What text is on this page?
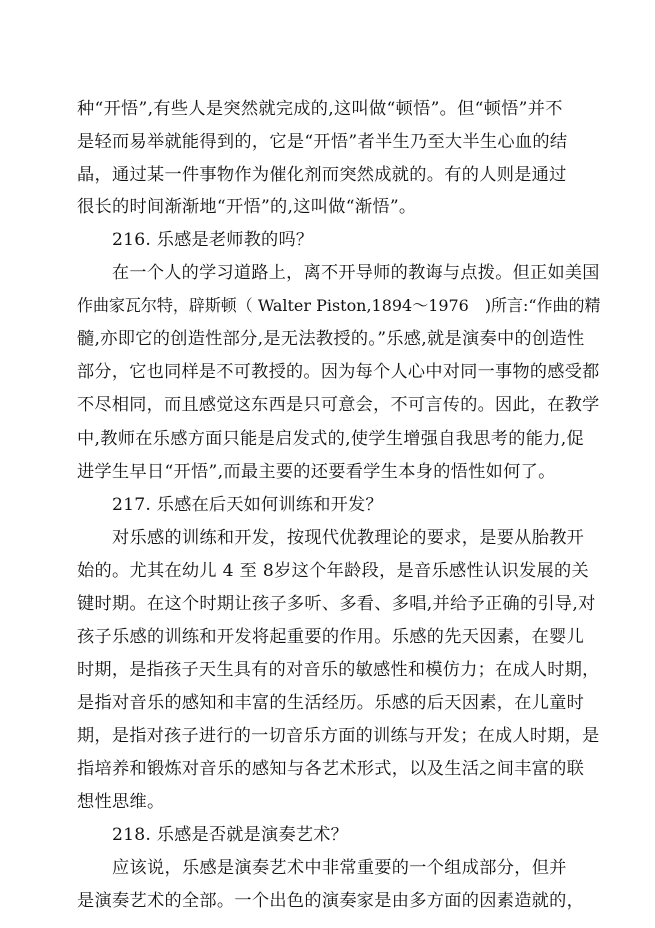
种“开悟”,有些人是突然就完成的,这叫做“顿悟”。但“顿悟”并不
是轻而易举就能得到的，它是“开悟”者半生乃至大半生心血的结
晶，通过某一件事物作为催化剂而突然成就的。有的人则是通过
很长的时间渐渐地“开悟”的,这叫做“渐悟”。
216. 乐感是老师教的吗？
在一个人的学习道路上，离不开导师的教诲与点拨。但正如美国
作曲家瓦尔特，辟斯顿（ Walter Piston,1894～1976　)所言:“作曲的精
髓,亦即它的创造性部分,是无法教授的。”乐感,就是演奏中的创造性
部分，它也同样是不可教授的。因为每个人心中对同一事物的感受都
不尽相同，而且感觉这东西是只可意会，不可言传的。因此，在教学
中,教师在乐感方面只能是启发式的,使学生增强自我思考的能力,促
进学生早日“开悟”,而最主要的还要看学生本身的悟性如何了。
217. 乐感在后天如何训练和开发？
对乐感的训练和开发，按现代优教理论的要求，是要从胎教开
始的。尤其在幼儿 4 至 8岁这个年龄段，是音乐感性认识发展的关
键时期。在这个时期让孩子多听、多看、多唱,并给予正确的引导,对
孩子乐感的训练和开发将起重要的作用。乐感的先天因素，在婴儿
时期，是指孩子天生具有的对音乐的敏感性和模仿力；在成人时期，
是指对音乐的感知和丰富的生活经历。乐感的后天因素，在儿童时
期，是指对孩子进行的一切音乐方面的训练与开发；在成人时期，是
指培养和锻炼对音乐的感知与各艺术形式，以及生活之间丰富的联
想性思维。
218. 乐感是否就是演奏艺术？
应该说，乐感是演奏艺术中非常重要的一个组成部分，但并
是演奏艺术的全部。一个出色的演奏家是由多方面的因素造就的，
